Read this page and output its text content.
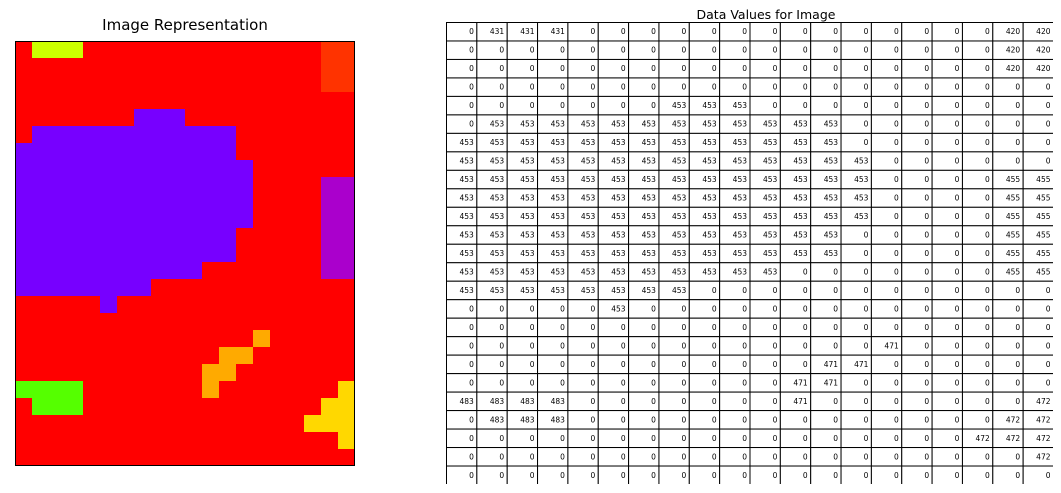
Image Representation
Data Values for Image
0 431 431 431	0	0	0	0	0	0	0	0	0	0	0	0	0	0 420 420
0	0	0	0	0	0	0	0	0	0	0	0	0	0	0	0	0	0 420 420
0	0	0	0	0	0	0	0	0	0	0	0	0	0	0	0	0	0 420 420
0	0	0	0	0	0	0	0	0	0	0	0	0	0	0	0	0	0	0	0
0	0	0	0	0	0	0 453 453 453	0	0	0	0	0	0	0	0	0	0
0 453 453 453 453 453 453 453 453 453 453 453 453	0	0	0	0	0	0	0
453 453 453 453 453 453 453 453 453 453 453 453 453	0	0	0	0	0	0	0
453 453 453 453 453 453 453 453 453 453 453 453 453 453	0	0	0	0	0	0
453 453 453 453 453 453 453 453 453 453 453 453 453 453	0	0	0	0 455 455
453 453 453 453 453 453 453 453 453 453 453 453 453 453	0	0	0	0 455 455
453 453 453 453 453 453 453 453 453 453 453 453 453 453	0	0	0	0 455 455
453 453 453 453 453 453 453 453 453 453 453 453 453	0	0	0	0	0 455 455
453 453 453 453 453 453 453 453 453 453 453 453 453	0	0	0	0	0 455 455
453 453 453 453 453 453 453 453 453 453 453	0	0	0	0	0	0	0 455 455
453 453 453 453 453 453 453 453	0	0	0	0	0	0	0	0	0	0	0	0
0	0	0	0	0 453	0	0	0	0	0	0	0	0	0	0	0	0	0	0
0	0	0	0	0	0	0	0	0	0	0	0	0	0	0	0	0	0	0	0
0	0	0	0	0	0	0	0	0	0	0	0	0	0 471	0	0	0	0	0
0	0	0	0	0	0	0	0	0	0	0	0 471 471	0	0	0	0	0	0
0	0	0	0	0	0	0	0	0	0	0 471 471	0	0	0	0	0	0	0
483 483 483 483	0	0	0	0	0	0	0 471	0	0	0	0	0	0	0 472
0 483 483 483	0	0	0	0	0	0	0	0	0	0	0	0	0	0 472 472
0	0	0	0	0	0	0	0	0	0	0	0	0	0	0	0	0 472 472 472
0	0	0	0	0	0	0	0	0	0	0	0	0	0	0	0	0	0	0 472
0	0	0	0	0	0	0	0	0	0	0	0	0	0	0	0	0	0	0	0
